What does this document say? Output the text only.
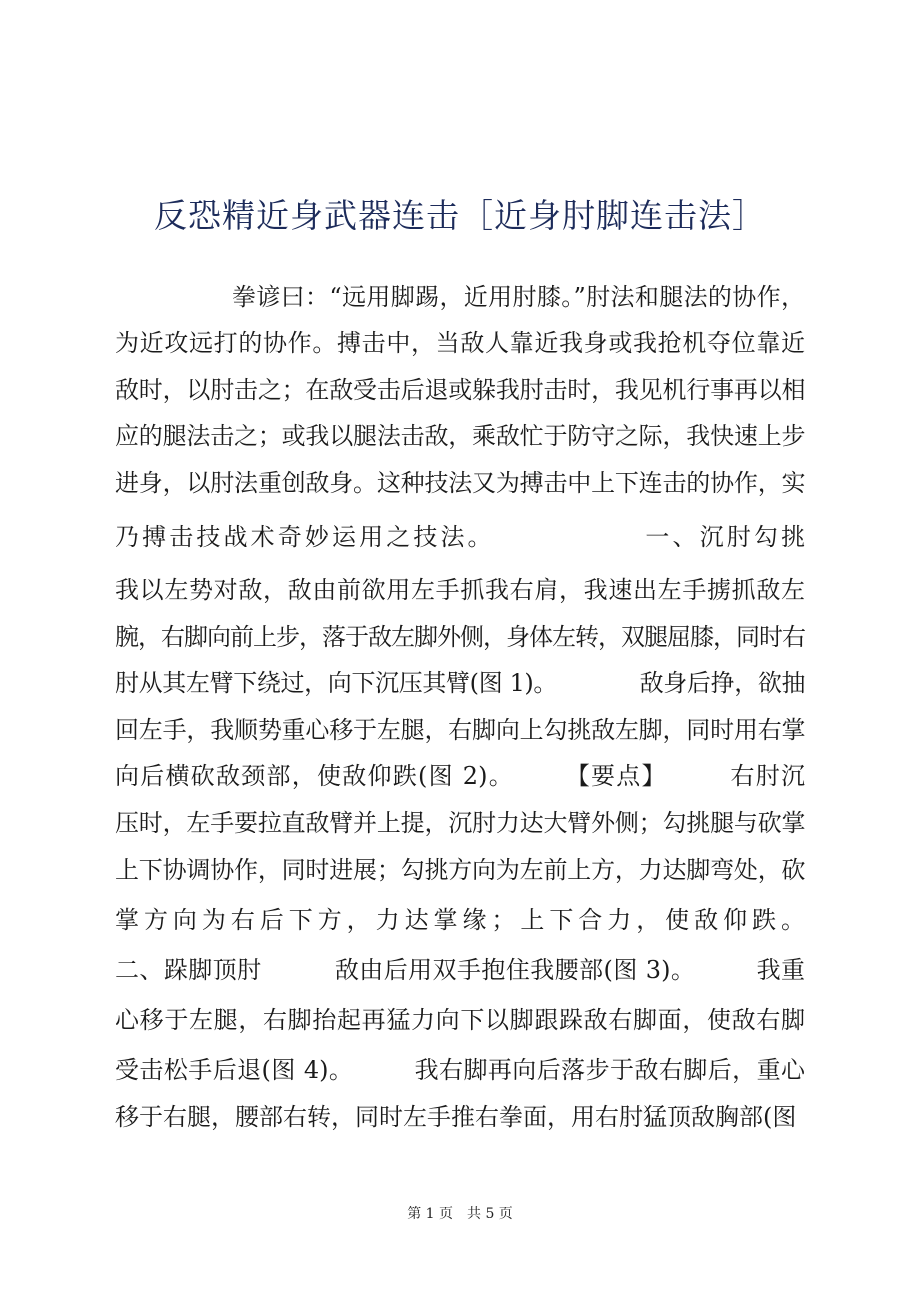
反恐精近身武器连击［近身肘脚连击法］
拳谚曰：“远用脚踢，近用肘膝。”肘法和腿法的协作，
为近攻远打的协作。搏击中，当敌人靠近我身或我抢机夺位靠近
敌时，以肘击之；在敌受击后退或躲我肘击时，我见机行事再以相
应的腿法击之；或我以腿法击敌，乘敌忙于防守之际，我快速上步
进身，以肘法重创敌身。这种技法又为搏击中上下连击的协作，实
乃搏击技战术奇妙运用之技法。　　　　　　一、沉肘勾挑
我以左势对敌，敌由前欲用左手抓我右肩，我速出左手掳抓敌左
腕，右脚向前上步，落于敌左脚外侧，身体左转，双腿屈膝，同时右
肘从其左臂下绕过，向下沉压其臂(图 1)。　　　　敌身后挣，欲抽
回左手，我顺势重心移于左腿，右脚向上勾挑敌左脚，同时用右掌
向后横砍敌颈部，使敌仰跌(图 2)。　　　【要点】　　　右肘沉
压时，左手要拉直敌臂并上提，沉肘力达大臂外侧；勾挑腿与砍掌
上下协调协作，同时进展；勾挑方向为左前上方，力达脚弯处，砍
掌方向为右后下方，力达掌缘；上下合力，使敌仰跌。
二、跺脚顶肘　　　敌由后用双手抱住我腰部(图 3)。　　　我重
心移于左腿，右脚抬起再猛力向下以脚跟跺敌右脚面，使敌右脚
受击松手后退(图 4)。　　　我右脚再向后落步于敌右脚后，重心
移于右腿，腰部右转，同时左手推右拳面，用右肘猛顶敌胸部(图
第 1 页　共 5 页
